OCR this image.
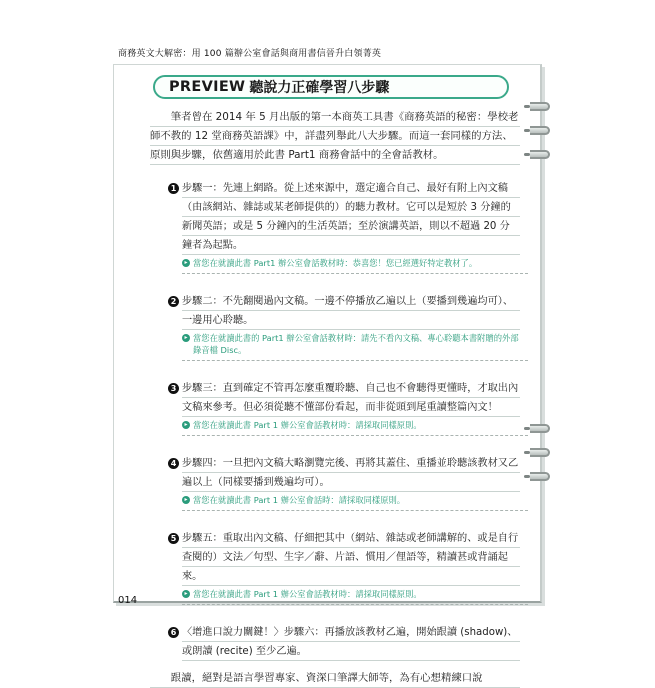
商務英文大解密：用 100 篇辦公室會話與商用書信晉升白領菁英
PREVIEW 聽說力正確學習八步驟
筆者曾在 2014 年 5 月出版的第一本商英工具書《商務英語的秘密：學校老師不教的 12 堂商務英語課》中，詳盡列舉此八大步驟。而這一套同樣的方法、原則與步驟，依舊適用於此書 Part1 商務會話中的全會話教材。
1 步驟一：先連上網路。從上述來源中，選定適合自己、最好有附上內文稿（由該網站、雜誌或某老師提供的）的聽力教材。它可以是短於 3 分鐘的新聞英語；或是 5 分鐘內的生活英語；至於演講英語，則以不超過 20 分鐘者為起點。
▸ 當您在就讀此書 Part1 辦公室會話教材時：恭喜您！您已經選好特定教材了。
2 步驟二：不先翻閱過內文稿。一邊不停播放乙遍以上（要播到幾遍均可）、一邊用心聆聽。
▸ 當您在就讀此書的 Part1 辦公室會話教材時：請先不看內文稿、專心聆聽本書附贈的外部錄音檔 Disc。
3 步驟三：直到確定不管再怎麼重覆聆聽、自己也不會聽得更懂時，才取出內文稿來參考。但必須從聽不懂部份看起，而非從頭到尾重讀整篇內文！
▸ 當您在就讀此書 Part 1 辦公室會話教材時：請採取同樣原則。
4 步驟四：一旦把內文稿大略瀏覽完後、再將其蓋住、重播並聆聽該教材又乙遍以上（同樣要播到幾遍均可）。
▸ 當您在就讀此書 Part 1 辦公室會話時：請採取同樣原則。
5 步驟五：重取出內文稿、仔細把其中（網站、雜誌或老師講解的、或是自行查閱的）文法／句型、生字／辭、片語、慣用／俚語等，精讀甚或背誦起來。
▸ 當您在就讀此書 Part 1 辦公室會話教材時：請採取同樣原則。
6 〈增進口說力關鍵！〉步驟六：再播放該教材乙遍，開始跟讀 (shadow)、或朗讀 (recite) 至少乙遍。
跟讀，絕對是語言學習專家、資深口筆譯大師等，為有心想精練口說
014
